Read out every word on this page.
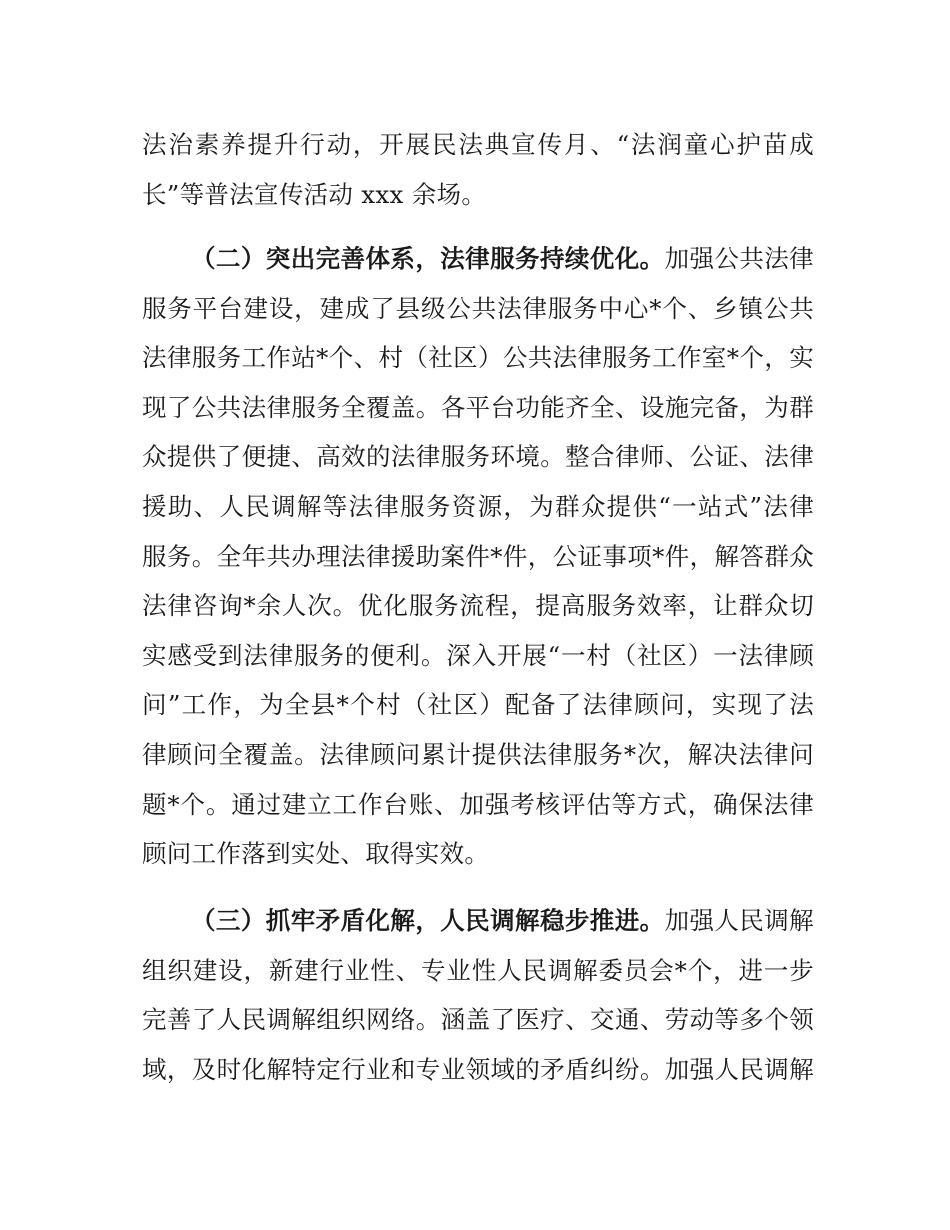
法治素养提升行动，开展民法典宣传月、“法润童心护苗成
长”等普法宣传活动 xxx 余场。
（二）突出完善体系，法律服务持续优化。加强公共法律
服务平台建设，建成了县级公共法律服务中心*个、乡镇公共
法律服务工作站*个、村（社区）公共法律服务工作室*个，实
现了公共法律服务全覆盖。各平台功能齐全、设施完备，为群
众提供了便捷、高效的法律服务环境。整合律师、公证、法律
援助、人民调解等法律服务资源，为群众提供“一站式”法律
服务。全年共办理法律援助案件*件，公证事项*件，解答群众
法律咨询*余人次。优化服务流程，提高服务效率，让群众切
实感受到法律服务的便利。深入开展“一村（社区）一法律顾
问”工作，为全县*个村（社区）配备了法律顾问，实现了法
律顾问全覆盖。法律顾问累计提供法律服务*次，解决法律问
题*个。通过建立工作台账、加强考核评估等方式，确保法律
顾问工作落到实处、取得实效。
（三）抓牢矛盾化解，人民调解稳步推进。加强人民调解
组织建设，新建行业性、专业性人民调解委员会*个，进一步
完善了人民调解组织网络。涵盖了医疗、交通、劳动等多个领
域，及时化解特定行业和专业领域的矛盾纠纷。加强人民调解
